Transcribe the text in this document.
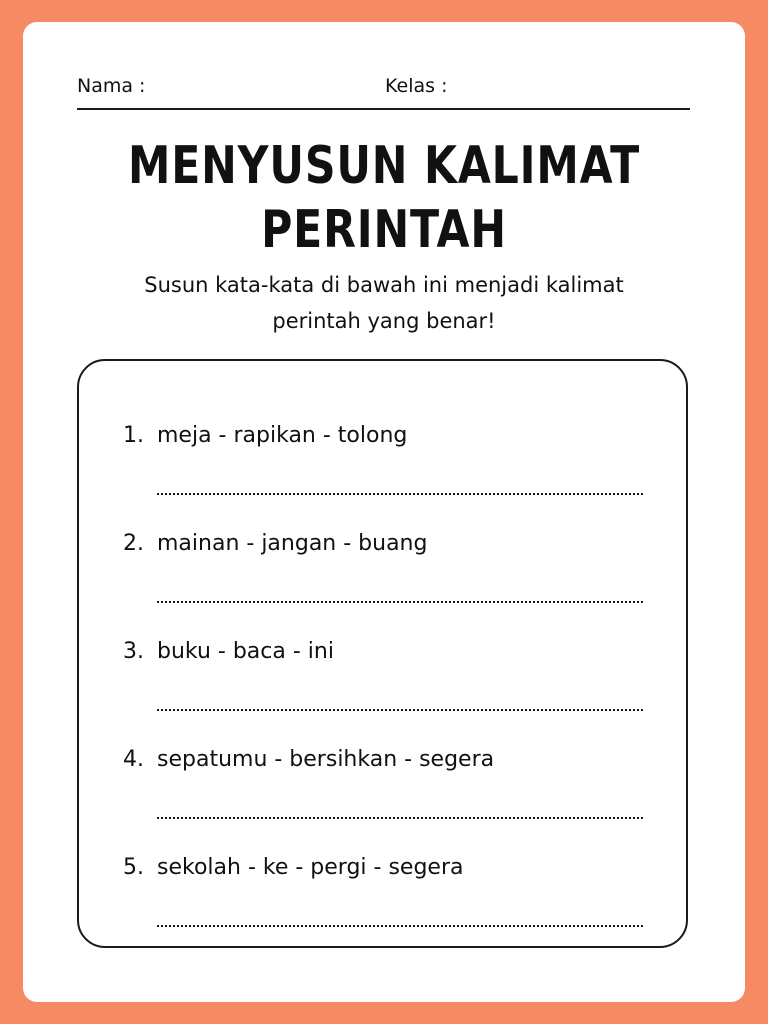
Nama :	Kelas :
MENYUSUN KALIMAT
PERINTAH
Susun kata-kata di bawah ini menjadi kalimat
perintah yang benar!
1. meja - rapikan - tolong
2. mainan - jangan - buang
3. buku - baca - ini
4. sepatumu - bersihkan - segera
5. sekolah - ke - pergi - segera
